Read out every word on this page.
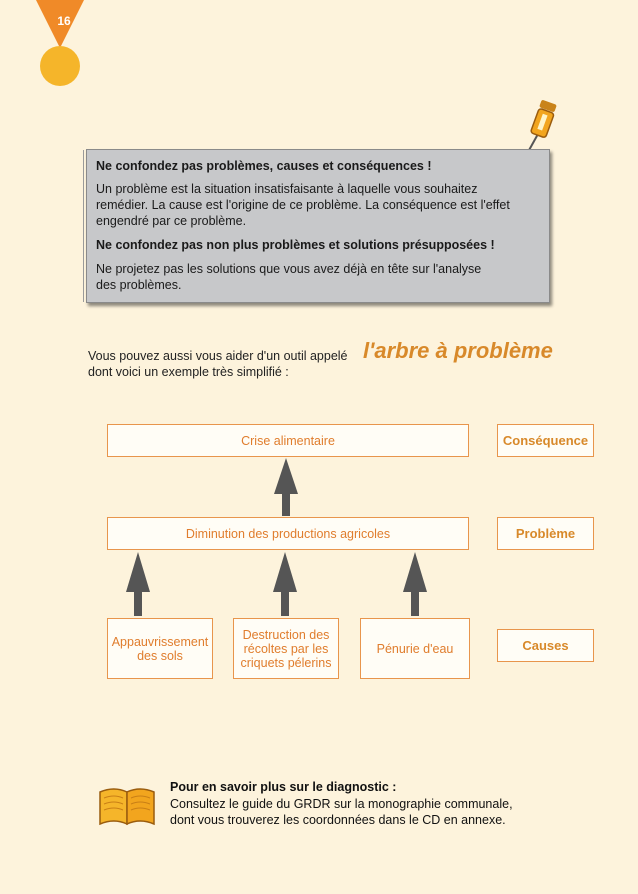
16

Ne confondez pas problèmes, causes et conséquences !

Un problème est la situation insatisfaisante à laquelle vous souhaitez

remédier. La cause est l'origine de ce problème. La conséquence est l'effet

engendré par ce problème.

Ne confondez pas non plus problèmes et solutions présupposées !

Ne projetez pas les solutions que vous avez déjà en tête sur l'analyse

des problèmes.

Vous pouvez aussi vous aider d'un outil appelé
dont voici un exemple très simplifié :
l'arbre à problème
Crise alimentaire	Conséquence
Diminution des productions agricoles	Problème
Appauvrissement
des sols
Destruction des
récoltes par les
criquets pélerins
Pénurie d'eau	Causes
Pour en savoir plus sur le diagnostic :
Consultez le guide du GRDR sur la monographie communale,
dont vous trouverez les coordonnées dans le CD en annexe.
